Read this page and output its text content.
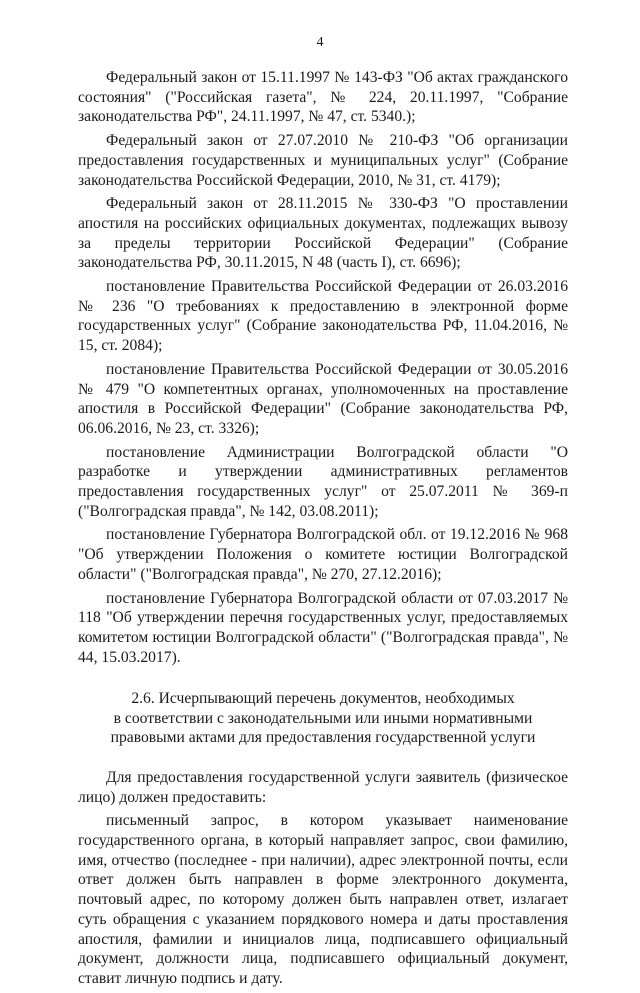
4

Федеральный закон от 15.11.1997 № 143-ФЗ "Об актах гражданского состояния" ("Российская газета", № 224, 20.11.1997, "Собрание законодательства РФ", 24.11.1997, № 47, ст. 5340.);

Федеральный закон от 27.07.2010 № 210-ФЗ "Об организации предоставления государственных и муниципальных услуг" (Собрание законодательства Российской Федерации, 2010, № 31, ст. 4179);

Федеральный закон от 28.11.2015 № 330-ФЗ "О проставлении апостиля на российских официальных документах, подлежащих вывозу за пределы территории Российской Федерации" (Собрание законодательства РФ, 30.11.2015, N 48 (часть I), ст. 6696);

постановление Правительства Российской Федерации от 26.03.2016 № 236 "О требованиях к предоставлению в электронной форме государственных услуг" (Собрание законодательства РФ, 11.04.2016, № 15, ст. 2084);

постановление Правительства Российской Федерации от 30.05.2016 № 479 "О компетентных органах, уполномоченных на проставление апостиля в Российской Федерации" (Собрание законодательства РФ, 06.06.2016, № 23, ст. 3326);

постановление Администрации Волгоградской области "О разработке и утверждении административных регламентов предоставления государственных услуг" от 25.07.2011 № 369-п ("Волгоградская правда", № 142, 03.08.2011);

постановление Губернатора Волгоградской обл. от 19.12.2016 № 968 "Об утверждении Положения о комитете юстиции Волгоградской области" ("Волгоградская правда", № 270, 27.12.2016);

постановление Губернатора Волгоградской области от 07.03.2017 № 118 "Об утверждении перечня государственных услуг, предоставляемых комитетом юстиции Волгоградской области" ("Волгоградская правда", № 44, 15.03.2017).

2.6. Исчерпывающий перечень документов, необходимых
в соответствии с законодательными или иными нормативными
правовыми актами для предоставления государственной услуги

Для предоставления государственной услуги заявитель (физическое лицо) должен предоставить:

письменный запрос, в котором указывает наименование государственного органа, в который направляет запрос, свои фамилию, имя, отчество (последнее - при наличии), адрес электронной почты, если ответ должен быть направлен в форме электронного документа, почтовый адрес, по которому должен быть направлен ответ, излагает суть обращения с указанием порядкового номера и даты проставления апостиля, фамилии и инициалов лица, подписавшего официальный документ, должности лица, подписавшего официальный документ, ставит личную подпись и дату.
